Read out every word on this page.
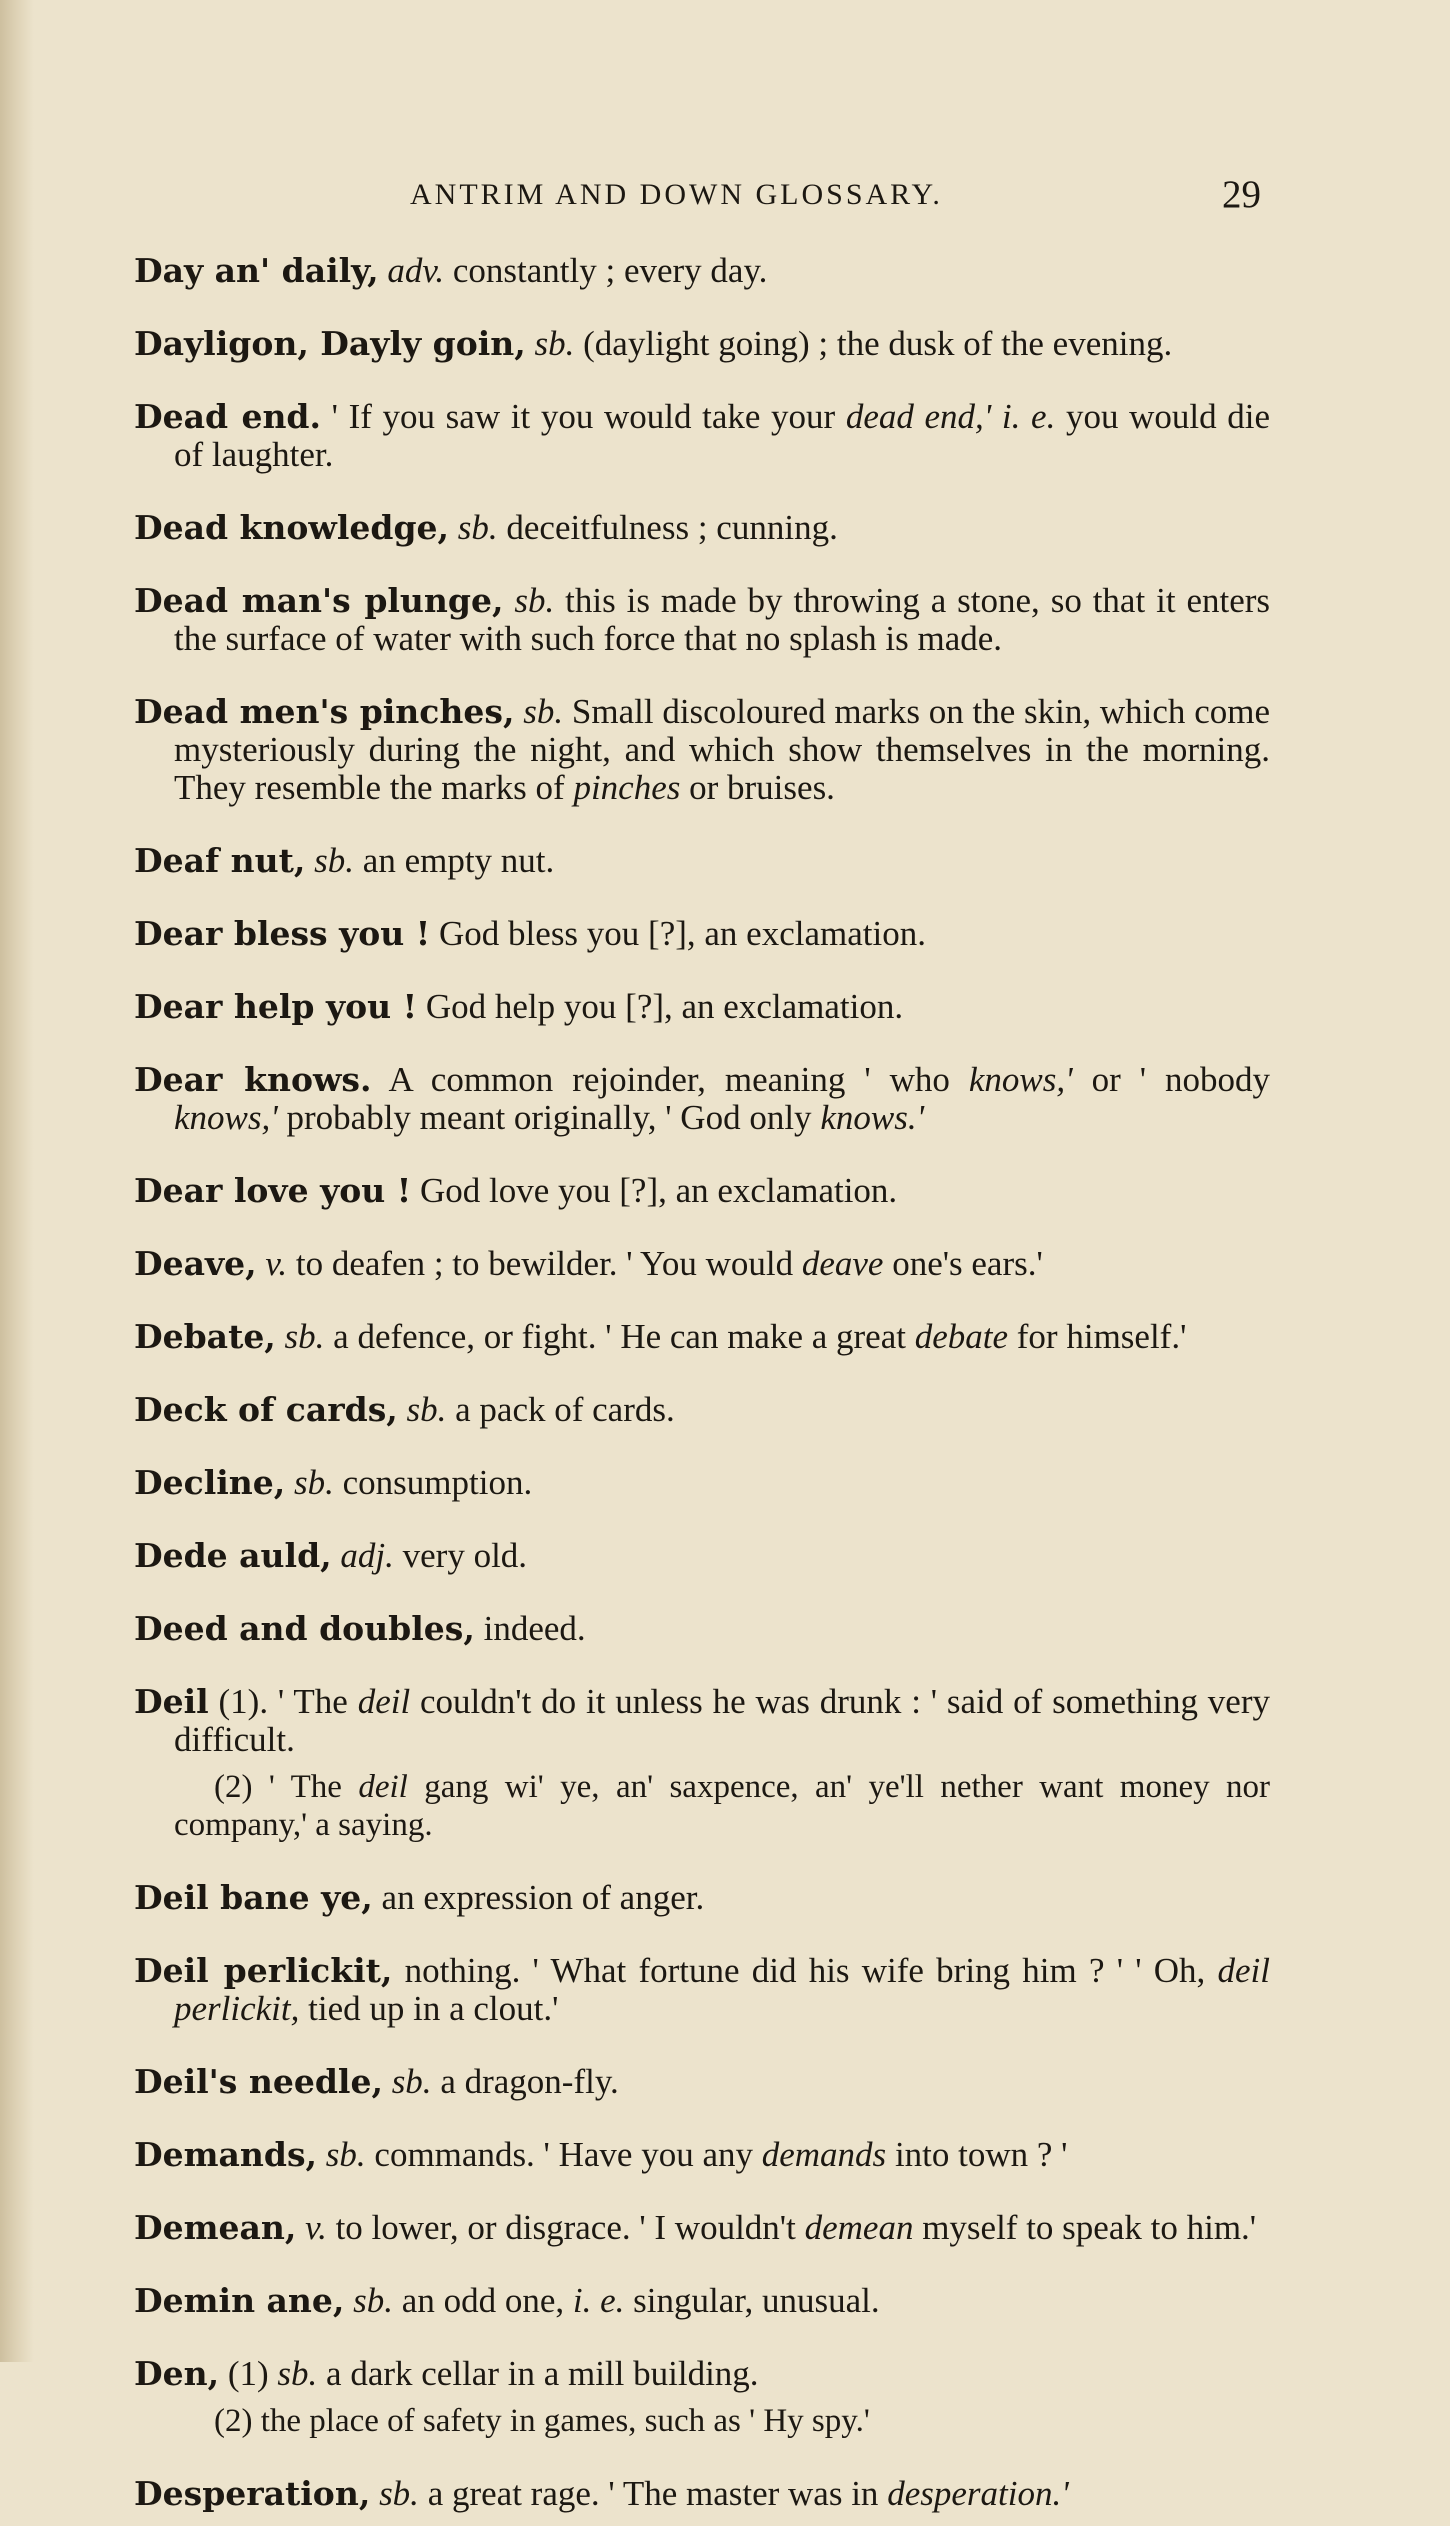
ANTRIM AND DOWN GLOSSARY.	29

Day an' daily, adv. constantly ; every day.

Dayligon, Dayly goin, sb. (daylight going) ; the dusk of the evening.

Dead end. ' If you saw it you would take your dead end,' i. e. you would die of laughter.

Dead knowledge, sb. deceitfulness ; cunning.

Dead man's plunge, sb. this is made by throwing a stone, so that it enters the surface of water with such force that no splash is made.

Dead men's pinches, sb. Small discoloured marks on the skin, which come mysteriously during the night, and which show themselves in the morning. They resemble the marks of pinches or bruises.

Deaf nut, sb. an empty nut.

Dear bless you ! God bless you [?], an exclamation.

Dear help you ! God help you [?], an exclamation.

Dear knows. A common rejoinder, meaning ' who knows,' or ' nobody knows,' probably meant originally, ' God only knows.'

Dear love you ! God love you [?], an exclamation.

Deave, v. to deafen ; to bewilder. ' You would deave one's ears.'

Debate, sb. a defence, or fight. ' He can make a great debate for himself.'

Deck of cards, sb. a pack of cards.

Decline, sb. consumption.

Dede auld, adj. very old.

Deed and doubles, indeed.

Deil (1). ' The deil couldn't do it unless he was drunk : ' said of something very difficult.

(2) ' The deil gang wi' ye, an' saxpence, an' ye'll nether want money nor company,' a saying.

Deil bane ye, an expression of anger.

Deil perlickit, nothing. ' What fortune did his wife bring him ? ' ' Oh, deil perlickit, tied up in a clout.'

Deil's needle, sb. a dragon-fly.

Demands, sb. commands. ' Have you any demands into town ? '

Demean, v. to lower, or disgrace. ' I wouldn't demean myself to speak to him.'

Demin ane, sb. an odd one, i. e. singular, unusual.

Den, (1) sb. a dark cellar in a mill building.

(2) the place of safety in games, such as ' Hy spy.'

Desperation, sb. a great rage. ' The master was in desperation.'
